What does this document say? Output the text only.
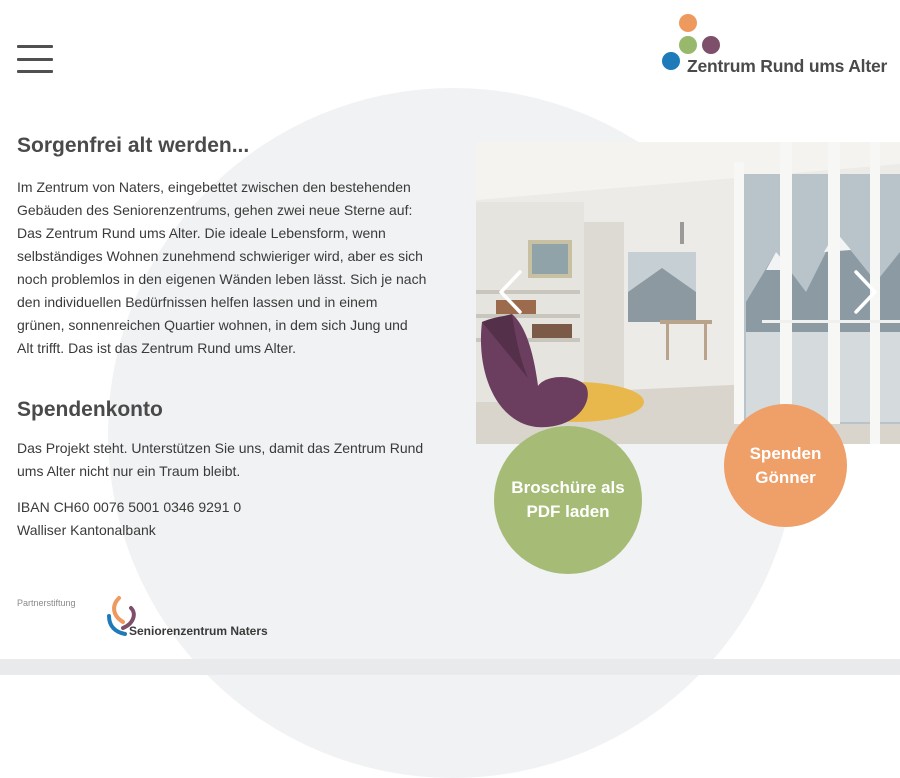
Zentrum Rund ums Alter
Sorgenfrei alt werden...

Im Zentrum von Naters, eingebettet zwischen den bestehenden Gebäuden des Seniorenzentrums, gehen zwei neue Sterne auf: Das Zentrum Rund ums Alter. Die ideale Lebensform, wenn selbständiges Wohnen zunehmend schwieriger wird, aber es sich noch problemlos in den eigenen Wänden leben lässt. Sich je nach den individuellen Bedürfnissen helfen lassen und in einem grünen, sonnenreichen Quartier wohnen, in dem sich Jung und Alt trifft. Das ist das Zentrum Rund ums Alter.

Spendenkonto

Das Projekt steht. Unterstützen Sie uns, damit das Zentrum Rund ums Alter nicht nur ein Traum bleibt.

IBAN CH60 0076 5001 0346 9291 0

Walliser Kantonalbank

Partnerstiftung
Seniorenzentrum Naters
Broschüre als PDF laden
Spenden Gönner
